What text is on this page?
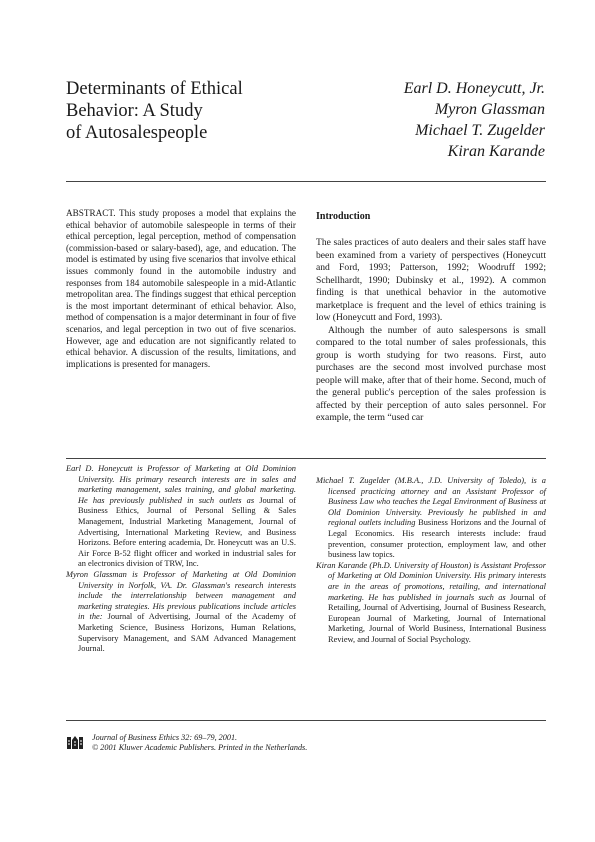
Determinants of Ethical
Behavior: A Study
of Autosalespeople
Earl D. Honeycutt, Jr.
Myron Glassman
Michael T. Zugelder
Kiran Karande
ABSTRACT. This study proposes a model that explains the ethical behavior of automobile salespeople in terms of their ethical perception, legal perception, method of compensation (commission-based or salary-based), age, and education. The model is estimated by using five scenarios that involve ethical issues commonly found in the automobile industry and responses from 184 automobile salespeople in a mid-Atlantic metropolitan area. The findings suggest that ethical perception is the most important determinant of ethical behavior. Also, method of compensation is a major determinant in four of five scenarios, and legal perception in two out of five scenarios. However, age and education are not significantly related to ethical behavior. A discussion of the results, limitations, and implications is presented for managers.
Introduction

The sales practices of auto dealers and their sales staff have been examined from a variety of perspectives (Honeycutt and Ford, 1993; Patterson, 1992; Woodruff 1992; Schellhardt, 1990; Dubinsky et al., 1992). A common finding is that unethical behavior in the automotive marketplace is frequent and the level of ethics training is low (Honeycutt and Ford, 1993).

Although the number of auto salespersons is small compared to the total number of sales professionals, this group is worth studying for two reasons. First, auto purchases are the second most involved purchase most people will make, after that of their home. Second, much of the general public's perception of the sales profession is affected by their perception of auto sales personnel. For example, the term “used car

Earl D. Honeycutt is Professor of Marketing at Old Dominion University. His primary research interests are in sales and marketing management, sales training, and global marketing. He has previously published in such outlets as Journal of Business Ethics, Journal of Personal Selling & Sales Management, Industrial Marketing Management, Journal of Advertising, International Marketing Review, and Business Horizons. Before entering academia, Dr. Honeycutt was an U.S. Air Force B-52 flight officer and worked in industrial sales for an electronics division of TRW, Inc.
Myron Glassman is Professor of Marketing at Old Dominion University in Norfolk, VA. Dr. Glassman's research interests include the interrelationship between management and marketing strategies. His previous publications include articles in the: Journal of Advertising, Journal of the Academy of Marketing Science, Business Horizons, Human Relations, Supervisory Management, and SAM Advanced Management Journal.
Michael T. Zugelder (M.B.A., J.D. University of Toledo), is a licensed practicing attorney and an Assistant Professor of Business Law who teaches the Legal Environment of Business at Old Dominion University. Previously he published in and regional outlets including Business Horizons and the Journal of Legal Economics. His research interests include: fraud prevention, consumer protection, employment law, and other business law topics.
Kiran Karande (Ph.D. University of Houston) is Assistant Professor of Marketing at Old Dominion University. His primary interests are in the areas of promotions, retailing, and international marketing. He has published in journals such as Journal of Retailing, Journal of Advertising, Journal of Business Research, European Journal of Marketing, Journal of International Marketing, Journal of World Business, International Business Review, and Journal of Social Psychology.
Journal of Business Ethics 32: 69–79, 2001.
© 2001 Kluwer Academic Publishers. Printed in the Netherlands.
